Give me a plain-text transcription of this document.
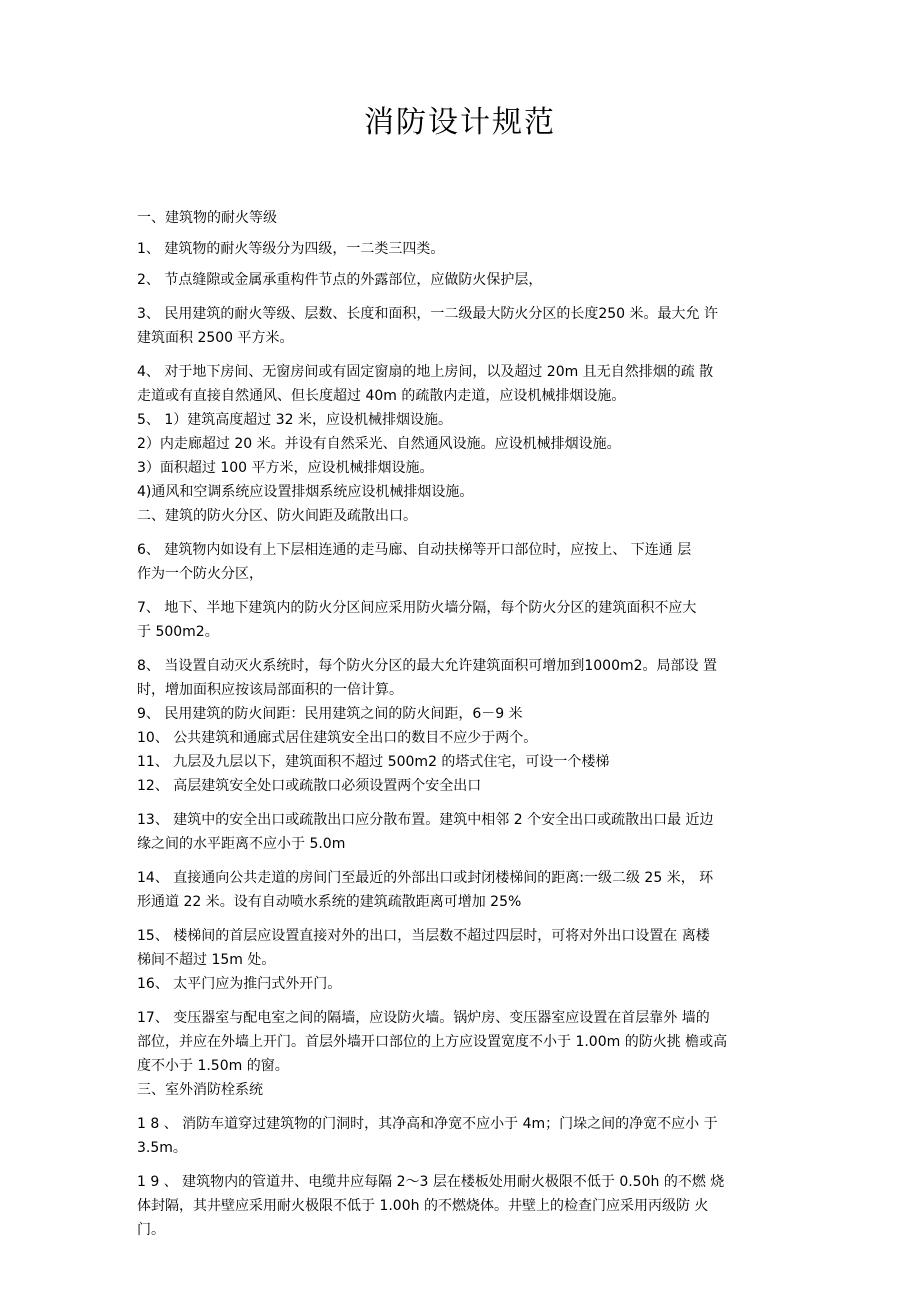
消防设计规范

一、建筑物的耐火等级

1、 建筑物的耐火等级分为四级，一二类三四类。

2、 节点缝隙或金属承重构件节点的外露部位，应做防火保护层，

3、 民用建筑的耐火等级、层数、长度和面积，一二级最大防火分区的长度250 米。最大允 许

建筑面积 2500 平方米。

4、 对于地下房间、无窗房间或有固定窗扇的地上房间，以及超过 20m 且无自然排烟的疏 散

走道或有直接自然通风、但长度超过 40m 的疏散内走道，应设机械排烟设施。

5、 1）建筑高度超过 32 米，应设机械排烟设施。

2）内走廊超过 20 米。并设有自然采光、自然通风设施。应设机械排烟设施。

3）面积超过 100 平方米，应设机械排烟设施。

4)通风和空调系统应设置排烟系统应设机械排烟设施。

二、建筑的防火分区、防火间距及疏散出口。

6、 建筑物内如设有上下层相连通的走马廊、自动扶梯等开口部位时，应按上、 下连通 层

作为一个防火分区，

7、 地下、半地下建筑内的防火分区间应采用防火墙分隔，每个防火分区的建筑面积不应大

于 500m2。

8、 当设置自动灭火系统时，每个防火分区的最大允许建筑面积可增加到1000m2。局部设 置

时，增加面积应按该局部面积的一倍计算。

9、 民用建筑的防火间距：民用建筑之间的防火间距，6－9 米

10、 公共建筑和通廊式居住建筑安全出口的数目不应少于两个。

11、 九层及九层以下，建筑面积不超过 500m2 的塔式住宅，可设一个楼梯

12、 高层建筑安全处口或疏散口必须设置两个安全出口

13、 建筑中的安全出口或疏散出口应分散布置。建筑中相邻 2 个安全出口或疏散出口最 近边

缘之间的水平距离不应小于 5.0m

14、 直接通向公共走道的房间门至最近的外部出口或封闭楼梯间的距离:一级二级 25 米， 环

形通道 22 米。设有自动喷水系统的建筑疏散距离可增加 25%

15、 楼梯间的首层应设置直接对外的出口，当层数不超过四层时，可将对外出口设置在 离楼

梯间不超过 15m 处。

16、 太平门应为推闩式外开门。

17、 变压器室与配电室之间的隔墙，应设防火墙。锅炉房、变压器室应设置在首层靠外 墙的

部位，并应在外墙上开门。首层外墙开口部位的上方应设置宽度不小于 1.00m 的防火挑 檐或高

度不小于 1.50m 的窗。

三、室外消防栓系统

1 8 、 消防车道穿过建筑物的门洞时，其净高和净宽不应小于 4m；门垛之间的净宽不应小 于

3.5m。

1 9 、 建筑物内的管道井、电缆井应每隔 2～3 层在楼板处用耐火极限不低于 0.50h 的不燃 烧

体封隔，其井壁应采用耐火极限不低于 1.00h 的不燃烧体。井壁上的检查门应采用丙级防 火

门。
